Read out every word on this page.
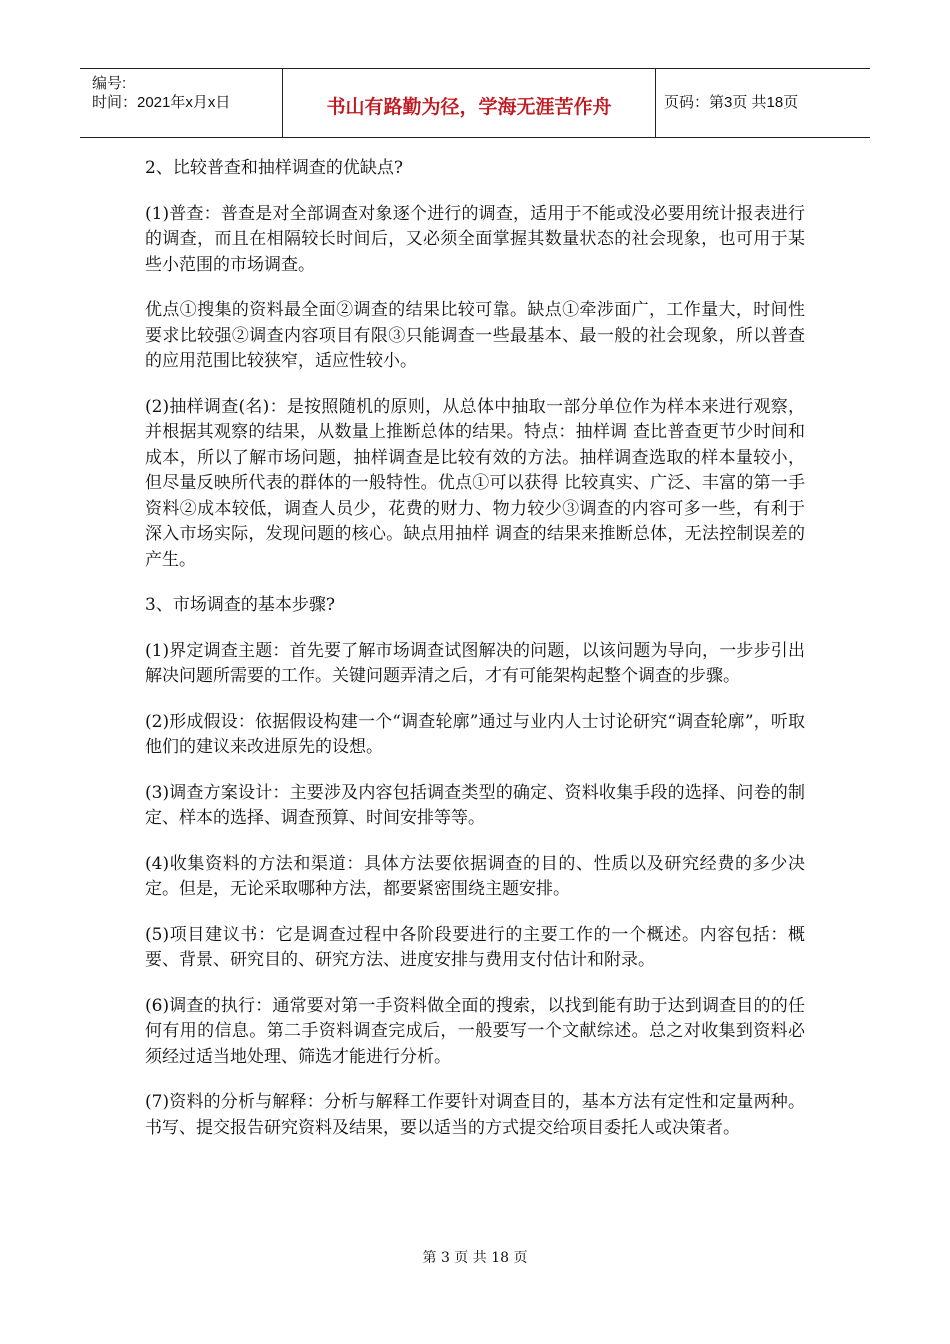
编号:
时间：2021年x月x日	书山有路勤为径，学海无涯苦作舟	页码：第3页 共18页

2、比较普查和抽样调查的优缺点?

(1)普查：普查是对全部调查对象逐个进行的调查，适用于不能或没必要用统计报表进行的调查，而且在相隔较长时间后，又必须全面掌握其数量状态的社会现象，也可用于某些小范围的市场调查。

优点①搜集的资料最全面②调查的结果比较可靠。缺点①牵涉面广，工作量大，时间性要求比较强②调查内容项目有限③只能调查一些最基本、最一般的社会现象，所以普查的应用范围比较狭窄，适应性较小。

(2)抽样调查(名)：是按照随机的原则，从总体中抽取一部分单位作为样本来进行观察，并根据其观察的结果，从数量上推断总体的结果。特点：抽样调 查比普查更节少时间和成本，所以了解市场问题，抽样调查是比较有效的方法。抽样调查选取的样本量较小，但尽量反映所代表的群体的一般特性。优点①可以获得 比较真实、广泛、丰富的第一手资料②成本较低，调查人员少，花费的财力、物力较少③调查的内容可多一些，有利于深入市场实际，发现问题的核心。缺点用抽样 调查的结果来推断总体，无法控制误差的产生。

3、市场调查的基本步骤?

(1)界定调查主题：首先要了解市场调查试图解决的问题，以该问题为导向，一步步引出解决问题所需要的工作。关键问题弄清之后，才有可能架构起整个调查的步骤。

(2)形成假设：依据假设构建一个“调查轮廓”通过与业内人士讨论研究“调查轮廓”，听取他们的建议来改进原先的设想。

(3)调查方案设计：主要涉及内容包括调查类型的确定、资料收集手段的选择、问卷的制定、样本的选择、调查预算、时间安排等等。

(4)收集资料的方法和渠道：具体方法要依据调查的目的、性质以及研究经费的多少决定。但是，无论采取哪种方法，都要紧密围绕主题安排。

(5)项目建议书：它是调查过程中各阶段要进行的主要工作的一个概述。内容包括：概要、背景、研究目的、研究方法、进度安排与费用支付估计和附录。

(6)调查的执行：通常要对第一手资料做全面的搜索，以找到能有助于达到调查目的的任何有用的信息。第二手资料调查完成后，一般要写一个文献综述。总之对收集到资料必须经过适当地处理、筛选才能进行分析。

(7)资料的分析与解释：分析与解释工作要针对调查目的，基本方法有定性和定量两种。书写、提交报告研究资料及结果，要以适当的方式提交给项目委托人或决策者。

第 3 页 共 18 页
